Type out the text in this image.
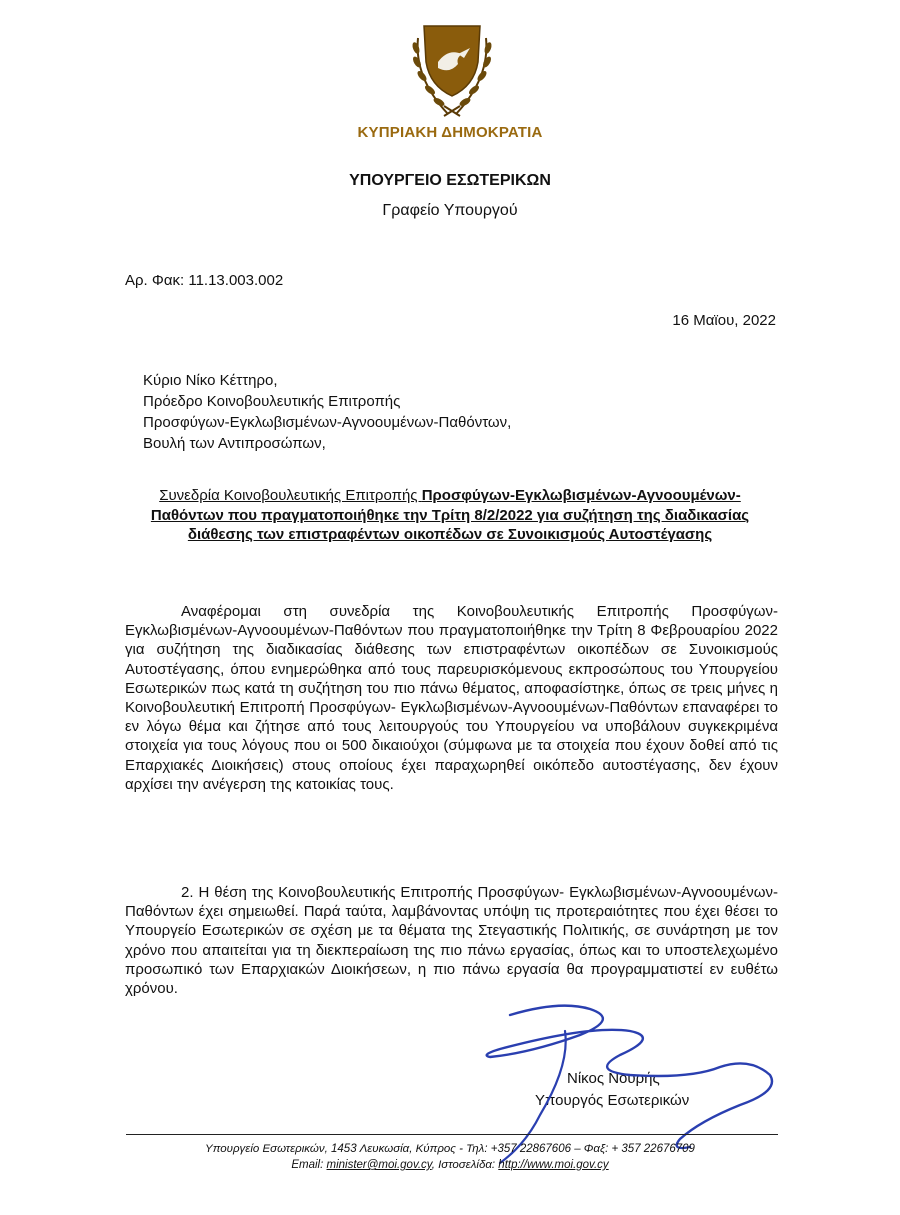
ΚΥΠΡΙΑΚΗ ΔΗΜΟΚΡΑΤΙΑ
ΥΠΟΥΡΓΕΙΟ ΕΣΩΤΕΡΙΚΩΝ
Γραφείο Υπουργού
Αρ. Φακ: 11.13.003.002
16 Μαϊου, 2022
Κύριο Νίκο Κέττηρο,
Πρόεδρο Κοινοβουλευτικής Επιτροπής
Προσφύγων-Εγκλωβισμένων-Αγνοουμένων-Παθόντων,
Βουλή των Αντιπροσώπων,
Συνεδρία Κοινοβουλευτικής Επιτροπής Προσφύγων-Εγκλωβισμένων-Αγνοουμένων-Παθόντων που πραγματοποιήθηκε την Τρίτη 8/2/2022 για συζήτηση της διαδικασίας διάθεσης των επιστραφέντων οικοπέδων σε Συνοικισμούς Αυτοστέγασης
Αναφέρομαι στη συνεδρία της Κοινοβουλευτικής Επιτροπής Προσφύγων-Εγκλωβισμένων-Αγνοουμένων-Παθόντων που πραγματοποιήθηκε την Τρίτη 8 Φεβρουαρίου 2022 για συζήτηση της διαδικασίας διάθεσης των επιστραφέντων οικοπέδων σε Συνοικισμούς Αυτοστέγασης, όπου ενημερώθηκα από τους παρευρισκόμενους εκπροσώπους του Υπουργείου Εσωτερικών πως κατά τη συζήτηση του πιο πάνω θέματος, αποφασίστηκε, όπως σε τρεις μήνες η Κοινοβουλευτική Επιτροπή Προσφύγων- Εγκλωβισμένων-Αγνοουμένων-Παθόντων επαναφέρει το εν λόγω θέμα και ζήτησε από τους λειτουργούς του Υπουργείου να υποβάλουν συγκεκριμένα στοιχεία για τους λόγους που οι 500 δικαιούχοι (σύμφωνα με τα στοιχεία που έχουν δοθεί από τις Επαρχιακές Διοικήσεις) στους οποίους έχει παραχωρηθεί οικόπεδο αυτοστέγασης, δεν έχουν αρχίσει την ανέγερση της κατοικίας τους.
2. Η θέση της Κοινοβουλευτικής Επιτροπής Προσφύγων- Εγκλωβισμένων-Αγνοουμένων-Παθόντων έχει σημειωθεί. Παρά ταύτα, λαμβάνοντας υπόψη τις προτεραιότητες που έχει θέσει το Υπουργείο Εσωτερικών σε σχέση με τα θέματα της Στεγαστικής Πολιτικής, σε συνάρτηση με τον χρόνο που απαιτείται για τη διεκπεραίωση της πιο πάνω εργασίας, όπως και το υποστελεχωμένο προσωπικό των Επαρχιακών Διοικήσεων, η πιο πάνω εργασία θα προγραμματιστεί εν ευθέτω χρόνου.
Νίκος Νουρής
Υπουργός Εσωτερικών
Υπουργείο Εσωτερικών, 1453 Λευκωσία, Κύπρος - Τηλ: +357 22867606 – Φαξ: + 357 22676709
Email: minister@moi.gov.cy, Ιστοσελίδα: http://www.moi.gov.cy
